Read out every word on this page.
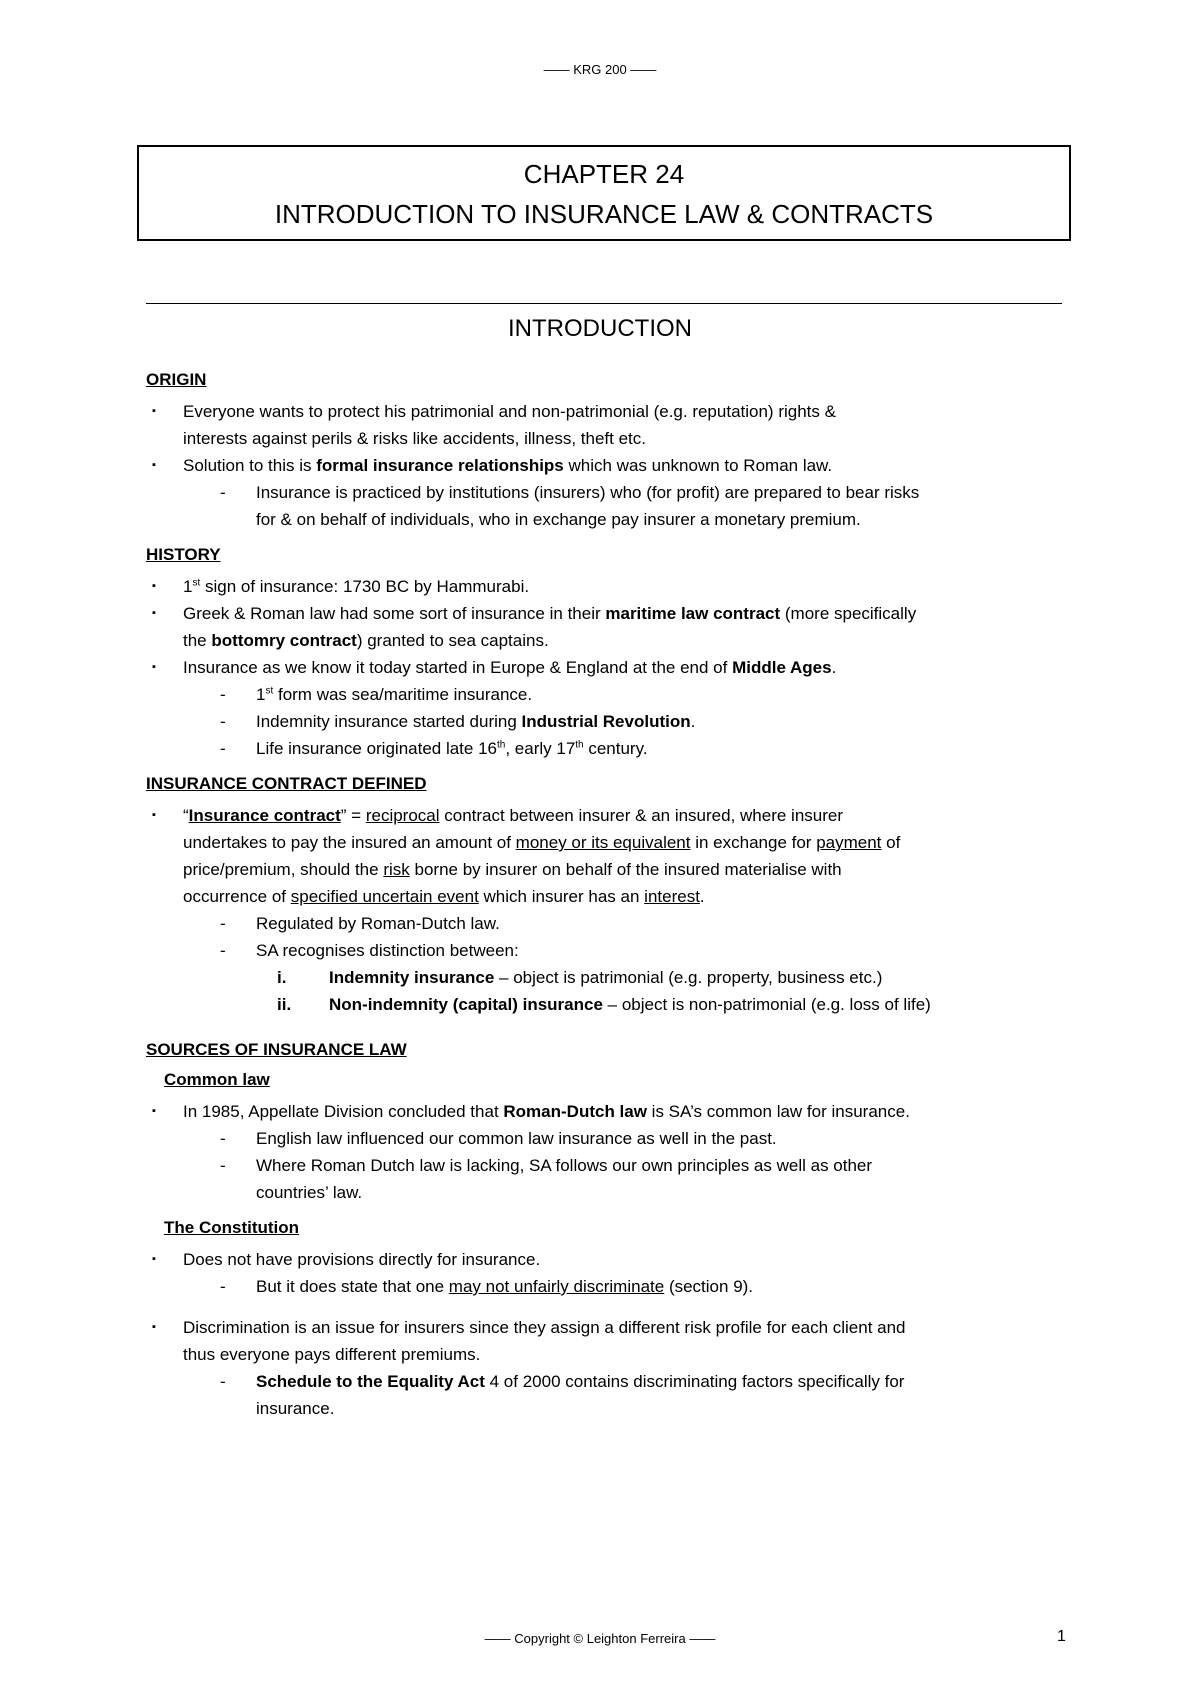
—— KRG 200 ——
CHAPTER 24
INTRODUCTION TO INSURANCE LAW & CONTRACTS
INTRODUCTION
ORIGIN
▪ Everyone wants to protect his patrimonial and non-patrimonial (e.g. reputation) rights &
interests against perils & risks like accidents, illness, theft etc.
▪ Solution to this is formal insurance relationships which was unknown to Roman law.
- Insurance is practiced by institutions (insurers) who (for profit) are prepared to bear risks
for & on behalf of individuals, who in exchange pay insurer a monetary premium.
HISTORY
▪ 1st sign of insurance: 1730 BC by Hammurabi.
▪ Greek & Roman law had some sort of insurance in their maritime law contract (more specifically
the bottomry contract) granted to sea captains.
▪ Insurance as we know it today started in Europe & England at the end of Middle Ages.
- 1st form was sea/maritime insurance.
- Indemnity insurance started during Industrial Revolution.
- Life insurance originated late 16th, early 17th century.
INSURANCE CONTRACT DEFINED
▪ “Insurance contract” = reciprocal contract between insurer & an insured, where insurer
undertakes to pay the insured an amount of money or its equivalent in exchange for payment of
price/premium, should the risk borne by insurer on behalf of the insured materialise with
occurrence of specified uncertain event which insurer has an interest.
- Regulated by Roman-Dutch law.
- SA recognises distinction between:
i.	Indemnity insurance – object is patrimonial (e.g. property, business etc.)
ii. Non-indemnity (capital) insurance – object is non-patrimonial (e.g. loss of life)
SOURCES OF INSURANCE LAW
Common law
▪ In 1985, Appellate Division concluded that Roman-Dutch law is SA’s common law for insurance.
- English law influenced our common law insurance as well in the past.
- Where Roman Dutch law is lacking, SA follows our own principles as well as other
countries’ law.
The Constitution
▪ Does not have provisions directly for insurance.
- But it does state that one may not unfairly discriminate (section 9).
▪ Discrimination is an issue for insurers since they assign a different risk profile for each client and
thus everyone pays different premiums.
- Schedule to the Equality Act 4 of 2000 contains discriminating factors specifically for
insurance.
—— Copyright © Leighton Ferreira ——	1
